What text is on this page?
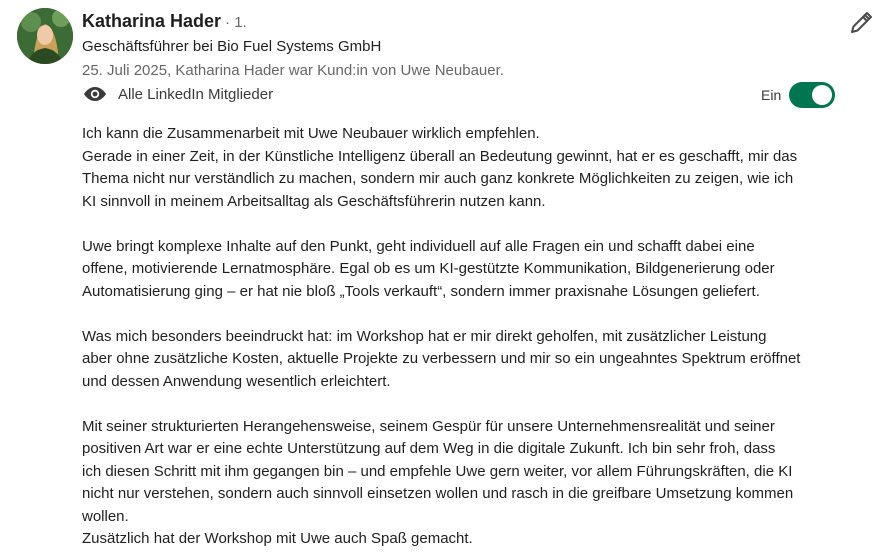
Katharina Hader · 1.
Geschäftsführer bei Bio Fuel Systems GmbH
25. Juli 2025, Katharina Hader war Kund:in von Uwe Neubauer.
Alle LinkedIn Mitglieder	Ein

Ich kann die Zusammenarbeit mit Uwe Neubauer wirklich empfehlen.
Gerade in einer Zeit, in der Künstliche Intelligenz überall an Bedeutung gewinnt, hat er es geschafft, mir das
Thema nicht nur verständlich zu machen, sondern mir auch ganz konkrete Möglichkeiten zu zeigen, wie ich
KI sinnvoll in meinem Arbeitsalltag als Geschäftsführerin nutzen kann.

Uwe bringt komplexe Inhalte auf den Punkt, geht individuell auf alle Fragen ein und schafft dabei eine
offene, motivierende Lernatmosphäre. Egal ob es um KI-gestützte Kommunikation, Bildgenerierung oder
Automatisierung ging – er hat nie bloß „Tools verkauft“, sondern immer praxisnahe Lösungen geliefert.

Was mich besonders beeindruckt hat: im Workshop hat er mir direkt geholfen, mit zusätzlicher Leistung
aber ohne zusätzliche Kosten, aktuelle Projekte zu verbessern und mir so ein ungeahntes Spektrum eröffnet
und dessen Anwendung wesentlich erleichtert.

Mit seiner strukturierten Herangehensweise, seinem Gespür für unsere Unternehmensrealität und seiner
positiven Art war er eine echte Unterstützung auf dem Weg in die digitale Zukunft. Ich bin sehr froh, dass
ich diesen Schritt mit ihm gegangen bin – und empfehle Uwe gern weiter, vor allem Führungskräften, die KI
nicht nur verstehen, sondern auch sinnvoll einsetzen wollen und rasch in die greifbare Umsetzung kommen
wollen.
Zusätzlich hat der Workshop mit Uwe auch Spaß gemacht.
